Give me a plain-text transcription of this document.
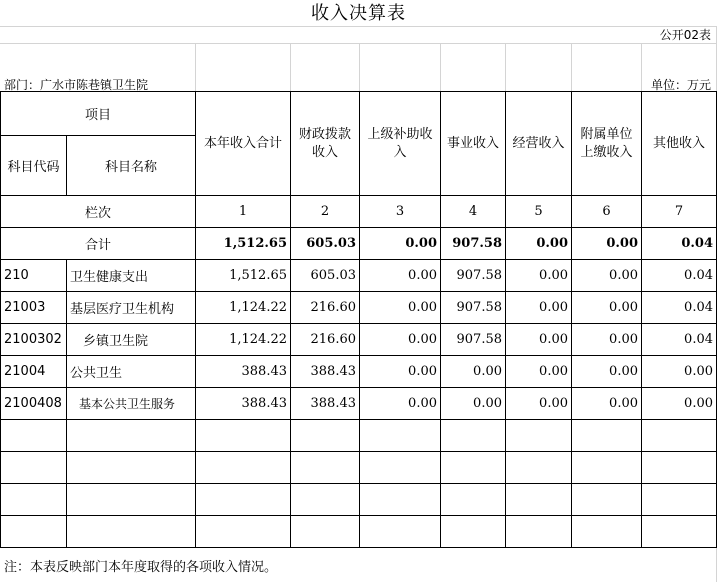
收入决算表
公开02表
部门：广水市陈巷镇卫生院	单位：万元
项目		本年收入合计	财政拨款收入	上级补助收入	事业收入	经营收入	附属单位上缴收入	其他收入
科目代码	科目名称							
栏次		1	2	3	4	5	6	7
合计		1,512.65	605.03	0.00	907.58	0.00	0.00	0.04
210	卫生健康支出	1,512.65	605.03	0.00	907.58	0.00	0.00	0.04
21003	基层医疗卫生机构	1,124.22	216.60	0.00	907.58	0.00	0.00	0.04
2100302	乡镇卫生院	1,124.22	216.60	0.00	907.58	0.00	0.00	0.04
21004	公共卫生	388.43	388.43	0.00	0.00	0.00	0.00	0.00
2100408	基本公共卫生服务	388.43	388.43	0.00	0.00	0.00	0.00	0.00

注：本表反映部门本年度取得的各项收入情况。
